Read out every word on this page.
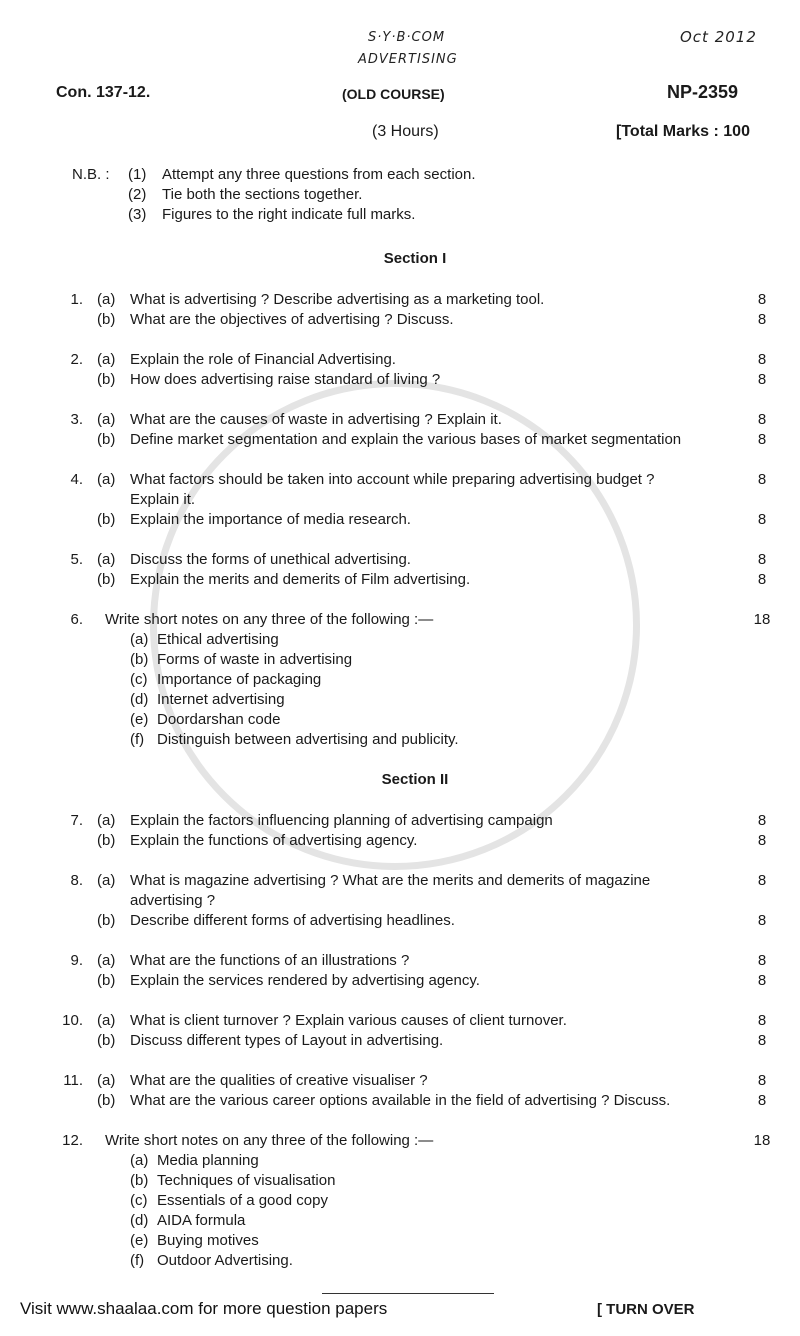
S·Y·B·COM
ADVERTISING
Oct 2012
Con. 137-12.	(OLD COURSE)	NP-2359
(3 Hours)	[Total Marks : 100
N.B. : (1) Attempt any three questions from each section.
(2) Tie both the sections together.
(3) Figures to the right indicate full marks.
Section I
1. (a) What is advertising ? Describe advertising as a marketing tool.	8
(b) What are the objectives of advertising ? Discuss.	8
2. (a) Explain the role of Financial Advertising.	8
(b) How does advertising raise standard of living ?	8
3. (a) What are the causes of waste in advertising ? Explain it.	8
(b) Define market segmentation and explain the various bases of market segmentation	8
4. (a) What factors should be taken into account while preparing advertising budget ?	8
Explain it.
(b) Explain the importance of media research.	8
5. (a) Discuss the forms of unethical advertising.	8
(b) Explain the merits and demerits of Film advertising.	8
6. Write short notes on any three of the following :—	18
(a) Ethical advertising
(b) Forms of waste in advertising
(c) Importance of packaging
(d) Internet advertising
(e) Doordarshan code
(f) Distinguish between advertising and publicity.
Section II
7. (a) Explain the factors influencing planning of advertising campaign	8
(b) Explain the functions of advertising agency.	8
8. (a) What is magazine advertising ? What are the merits and demerits of magazine	8
advertising ?
(b) Describe different forms of advertising headlines.	8
9. (a) What are the functions of an illustrations ?	8
(b) Explain the services rendered by advertising agency.	8
10. (a) What is client turnover ? Explain various causes of client turnover.	8
(b) Discuss different types of Layout in advertising.	8
11. (a) What are the qualities of creative visualiser ?	8
(b) What are the various career options available in the field of advertising ? Discuss.	8
12. Write short notes on any three of the following :—	18
(a) Media planning
(b) Techniques of visualisation
(c) Essentials of a good copy
(d) AIDA formula
(e) Buying motives
(f) Outdoor Advertising.
Visit www.shaalaa.com for more question papers	[ TURN OVER
